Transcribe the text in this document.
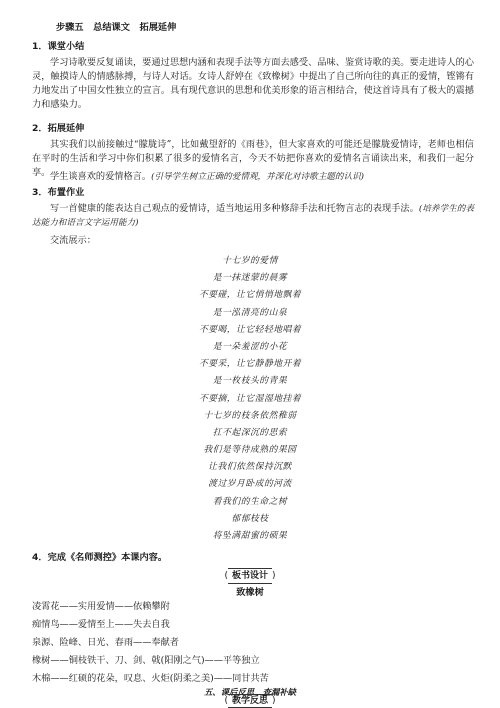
步骤五 总结课文 拓展延伸

1．课堂小结

学习诗歌要反复诵读，要通过思想内涵和表现手法等方面去感受、品味、鉴赏诗歌的美。要走进诗人的心灵，触摸诗人的情感脉搏，与诗人对话。女诗人舒婷在《致橡树》中提出了自己所向往的真正的爱情，铿锵有力地发出了中国女性独立的宣言。具有现代意识的思想和优美形象的语言相结合，使这首诗具有了极大的震撼力和感染力。

2．拓展延伸

其实我们以前接触过“朦胧诗”，比如戴望舒的《雨巷》，但大家喜欢的可能还是朦胧爱情诗，老师也相信在平时的生活和学习中你们积累了很多的爱情名言，今天不妨把你喜欢的爱情名言诵读出来，和我们一起分享。 学生谈喜欢的爱情格言。(引导学生树立正确的爱情观，并深化对诗歌主题的认识)

3．布置作业

写一首健康的能表达自己观点的爱情诗，适当地运用多种修辞手法和托物言志的表现手法。(培养学生的表达能力和语言文字运用能力)

交流展示：

十七岁的爱情
是一抹迷蒙的晨雾
不要碰，让它悄悄地飘着
是一泓清亮的山泉
不要喝，让它轻轻地唱着
是一朵羞涩的小花
不要采，让它静静地开着
是一枚枝头的青果
不要摘，让它湿湿地挂着
十七岁的枝条依然稚弱
扛不起深沉的思索
我们是等待成熟的果园
让我们依然保持沉默
渡过岁月卧成的河流
看我们的生命之树
郁郁枝枝
将坠满甜蜜的硕果

4．完成《名师测控》本课内容。

( 板书设计 )
致橡树
凌霄花——实用爱情——依赖攀附
痴情鸟——爱情至上——失去自我
泉源、险峰、日光、春雨——奉献者
橡树——铜枝铁干、刀、剑、戟(阳刚之气)——平等独立
木棉——红硕的花朵，叹息、火炬(阴柔之美)——同甘共苦
五、课后反思　查漏补缺
( 教学反思 )
